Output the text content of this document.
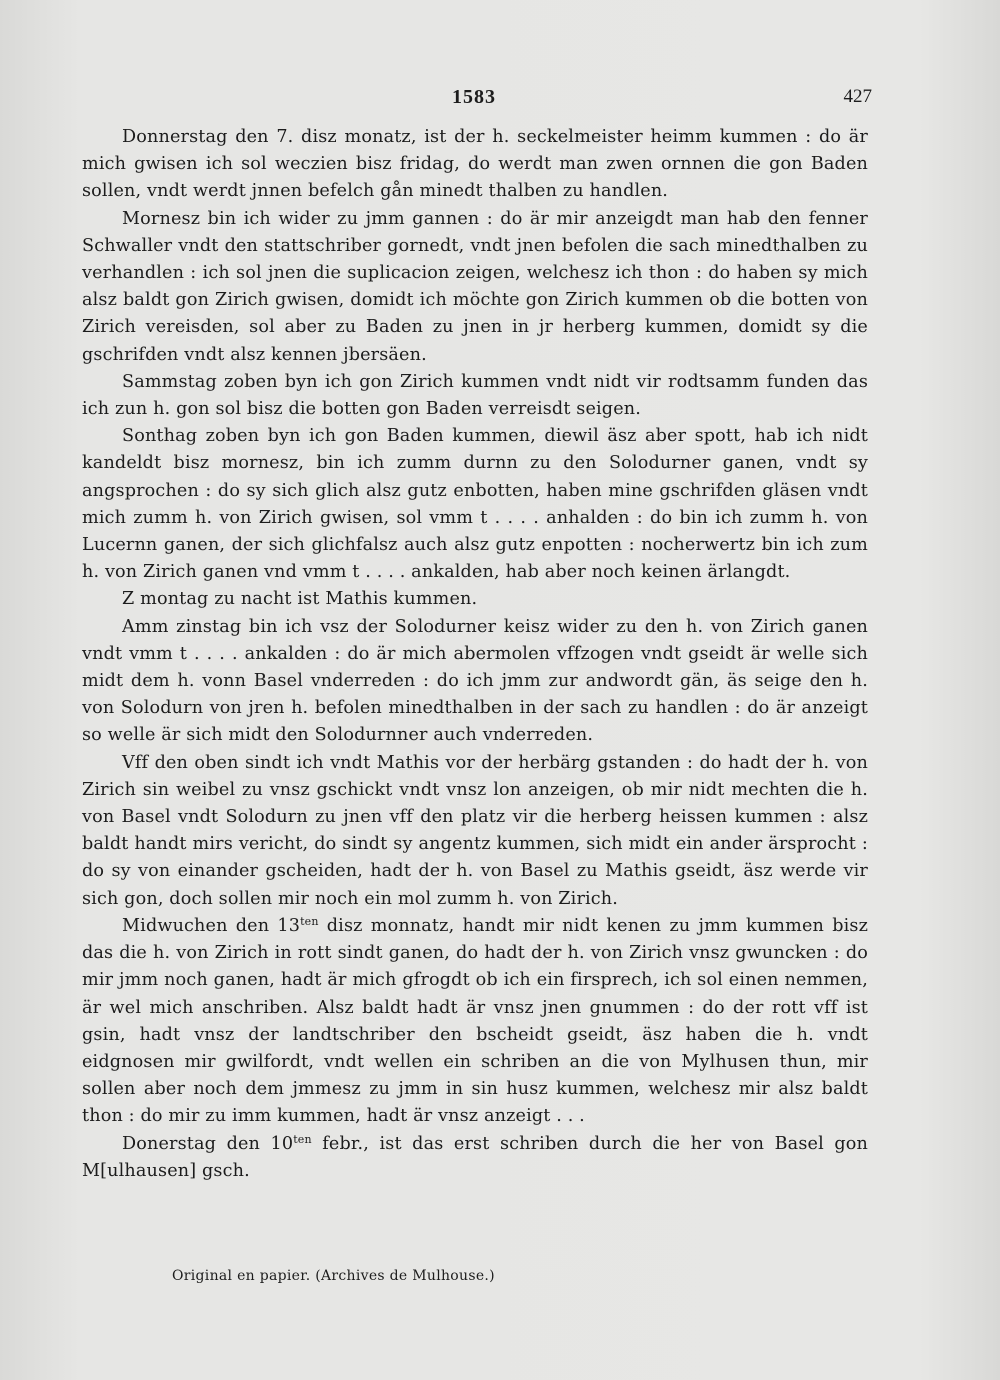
1583	427

Donnerstag den 7. disz monatz, ist der h. seckelmeister heimm kummen : do är mich gwisen ich sol weczien bisz fridag, do werdt man zwen ornnen die gon Baden sollen, vndt werdt jnnen befelch gån minedt thalben zu handlen.

Mornesz bin ich wider zu jmm gannen : do är mir anzeigdt man hab den fenner Schwaller vndt den stattschriber gornedt, vndt jnen befolen die sach minedthalben zu verhandlen : ich sol jnen die suplicacion zeigen, welchesz ich thon : do haben sy mich alsz baldt gon Zirich gwisen, domidt ich möchte gon Zirich kummen ob die botten von Zirich vereisden, sol aber zu Baden zu jnen in jr herberg kummen, domidt sy die gschrifden vndt alsz kennen jbersäen.

Sammstag zoben byn ich gon Zirich kummen vndt nidt vir rodtsamm funden das ich zun h. gon sol bisz die botten gon Baden verreisdt seigen.

Sonthag zoben byn ich gon Baden kummen, diewil äsz aber spott, hab ich nidt kandeldt bisz mornesz, bin ich zumm durnn zu den Solodurner ganen, vndt sy angsprochen : do sy sich glich alsz gutz enbotten, haben mine gschrifden gläsen vndt mich zumm h. von Zirich gwisen, sol vmm t . . . . anhalden : do bin ich zumm h. von Lucernn ganen, der sich glichfalsz auch alsz gutz enpotten : nocherwertz bin ich zum h. von Zirich ganen vnd vmm t . . . . ankalden, hab aber noch keinen ärlangdt.

Z montag zu nacht ist Mathis kummen.

Amm zinstag bin ich vsz der Solodurner keisz wider zu den h. von Zirich ganen vndt vmm t . . . . ankalden : do är mich abermolen vffzogen vndt gseidt är welle sich midt dem h. vonn Basel vnderreden : do ich jmm zur andwordt gän, äs seige den h. von Solodurn von jren h. befolen minedthalben in der sach zu handlen : do är anzeigt so welle är sich midt den Solodurnner auch vnderreden.

Vff den oben sindt ich vndt Mathis vor der herbärg gstanden : do hadt der h. von Zirich sin weibel zu vnsz gschickt vndt vnsz lon anzeigen, ob mir nidt mechten die h. von Basel vndt Solodurn zu jnen vff den platz vir die herberg heissen kummen : alsz baldt handt mirs vericht, do sindt sy angentz kummen, sich midt ein ander ärsprocht : do sy von einander gscheiden, hadt der h. von Basel zu Mathis gseidt, äsz werde vir sich gon, doch sollen mir noch ein mol zumm h. von Zirich.

Midwuchen den $13^{ten}$ disz monnatz, handt mir nidt kenen zu jmm kummen bisz das die h. von Zirich in rott sindt ganen, do hadt der h. von Zirich vnsz gwuncken : do mir jmm noch ganen, hadt är mich gfrogdt ob ich ein firsprech, ich sol einen nemmen, är wel mich anschriben. Alsz baldt hadt är vnsz jnen gnummen : do der rott vff ist gsin, hadt vnsz der landtschriber den bscheidt gseidt, äsz haben die h. vndt eidgnosen mir gwilfordt, vndt wellen ein schriben an die von Mylhusen thun, mir sollen aber noch dem jmmesz zu jmm in sin husz kummen, welchesz mir alsz baldt thon : do mir zu imm kummen, hadt är vnsz anzeigt . . .

Donerstag den $10^{ten}$ febr., ist das erst schriben durch die her von Basel gon M[ulhausen] gsch.

Original en papier. (Archives de Mulhouse.)
